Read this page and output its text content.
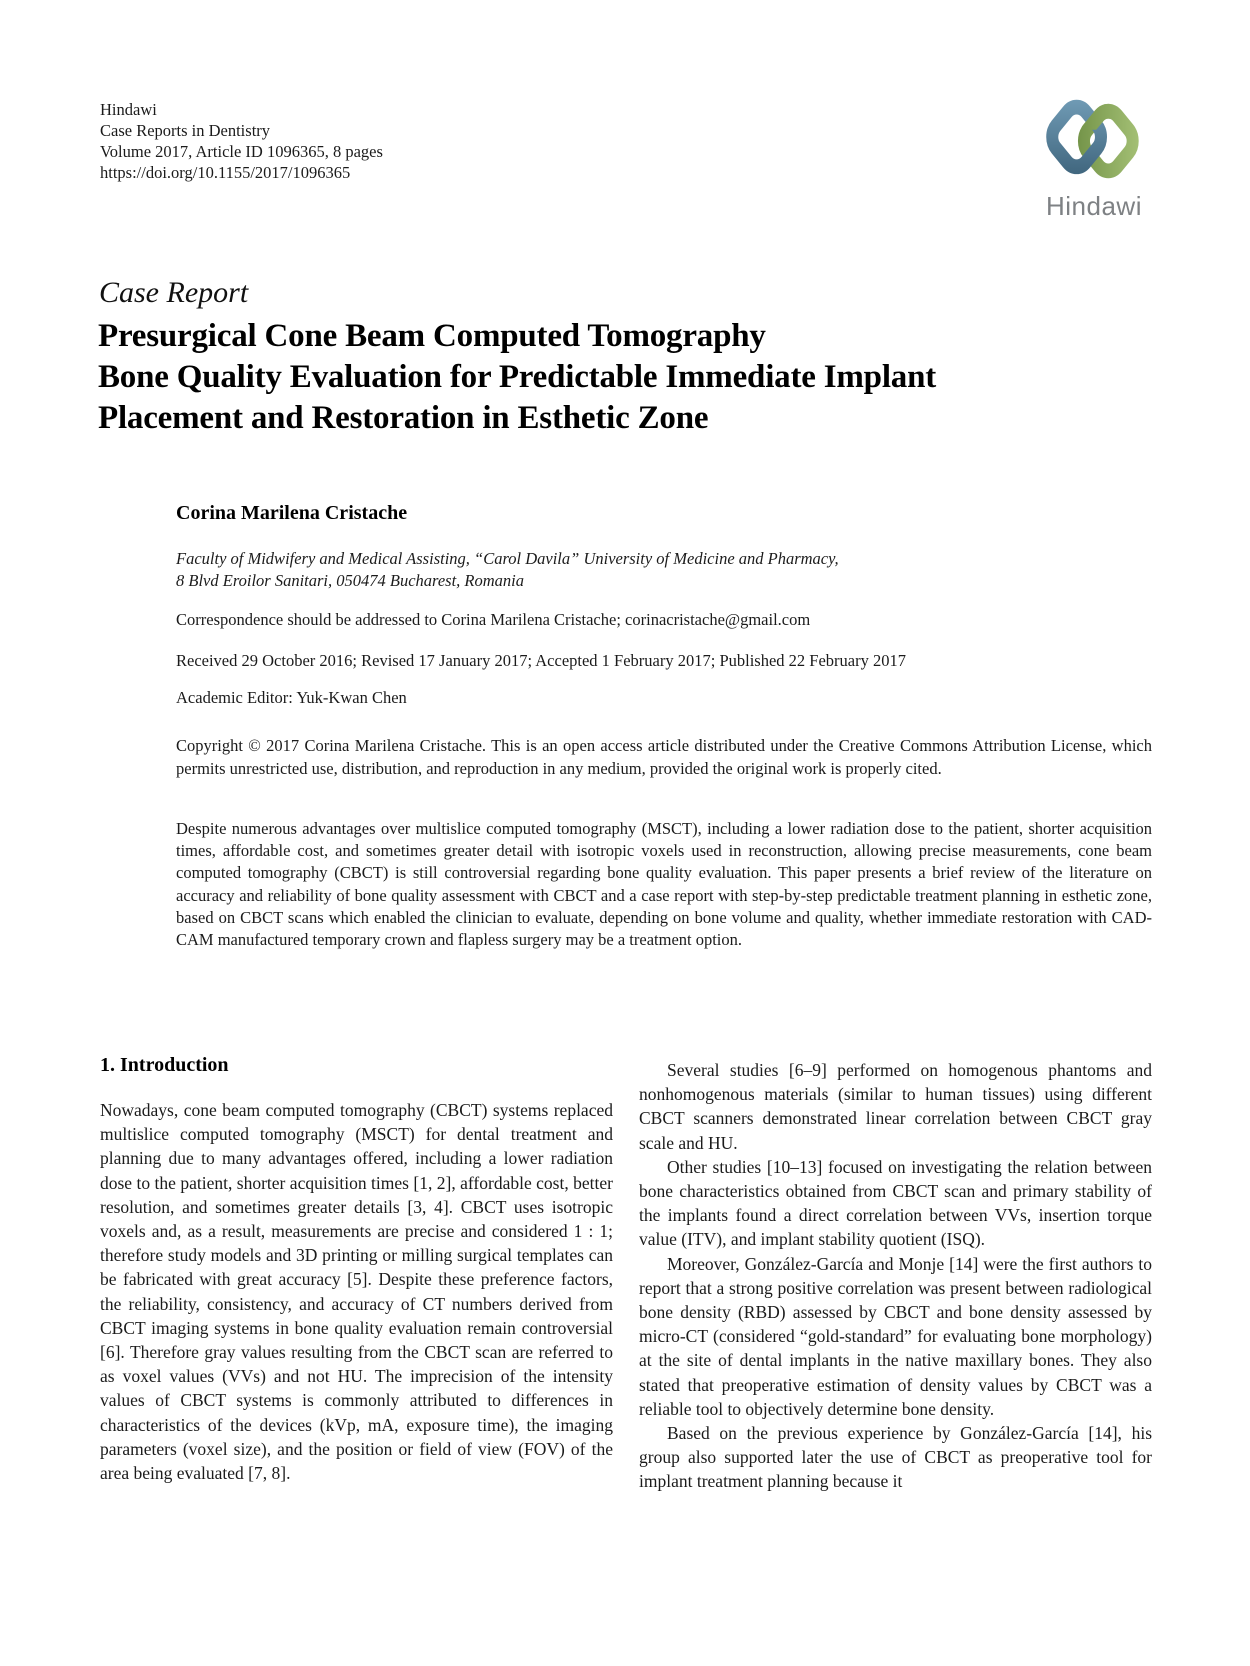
Hindawi
Case Reports in Dentistry
Volume 2017, Article ID 1096365, 8 pages
https://doi.org/10.1155/2017/1096365
Hindawi
Case Report
Presurgical Cone Beam Computed Tomography
Bone Quality Evaluation for Predictable Immediate Implant
Placement and Restoration in Esthetic Zone
Corina Marilena Cristache
Faculty of Midwifery and Medical Assisting, “Carol Davila” University of Medicine and Pharmacy,
8 Blvd Eroilor Sanitari, 050474 Bucharest, Romania
Correspondence should be addressed to Corina Marilena Cristache; corinacristache@gmail.com
Received 29 October 2016; Revised 17 January 2017; Accepted 1 February 2017; Published 22 February 2017
Academic Editor: Yuk-Kwan Chen
Copyright © 2017 Corina Marilena Cristache. This is an open access article distributed under the Creative Commons Attribution License, which permits unrestricted use, distribution, and reproduction in any medium, provided the original work is properly cited.
Despite numerous advantages over multislice computed tomography (MSCT), including a lower radiation dose to the patient, shorter acquisition times, affordable cost, and sometimes greater detail with isotropic voxels used in reconstruction, allowing precise measurements, cone beam computed tomography (CBCT) is still controversial regarding bone quality evaluation. This paper presents a brief review of the literature on accuracy and reliability of bone quality assessment with CBCT and a case report with step-by-step predictable treatment planning in esthetic zone, based on CBCT scans which enabled the clinician to evaluate, depending on bone volume and quality, whether immediate restoration with CAD-CAM manufactured temporary crown and flapless surgery may be a treatment option.
1. Introduction

Nowadays, cone beam computed tomography (CBCT) systems replaced multislice computed tomography (MSCT) for dental treatment and planning due to many advantages offered, including a lower radiation dose to the patient, shorter acquisition times [1, 2], affordable cost, better resolution, and sometimes greater details [3, 4]. CBCT uses isotropic voxels and, as a result, measurements are precise and considered 1 : 1; therefore study models and 3D printing or milling surgical templates can be fabricated with great accuracy [5]. Despite these preference factors, the reliability, consistency, and accuracy of CT numbers derived from CBCT imaging systems in bone quality evaluation remain controversial [6]. Therefore gray values resulting from the CBCT scan are referred to as voxel values (VVs) and not HU. The imprecision of the intensity values of CBCT systems is commonly attributed to differences in characteristics of the devices (kVp, mA, exposure time), the imaging parameters (voxel size), and the position or field of view (FOV) of the area being evaluated [7, 8].

Several studies [6–9] performed on homogenous phantoms and nonhomogenous materials (similar to human tissues) using different CBCT scanners demonstrated linear correlation between CBCT gray scale and HU.

Other studies [10–13] focused on investigating the relation between bone characteristics obtained from CBCT scan and primary stability of the implants found a direct correlation between VVs, insertion torque value (ITV), and implant stability quotient (ISQ).

Moreover, González-García and Monje [14] were the first authors to report that a strong positive correlation was present between radiological bone density (RBD) assessed by CBCT and bone density assessed by micro-CT (considered “gold-standard” for evaluating bone morphology) at the site of dental implants in the native maxillary bones. They also stated that preoperative estimation of density values by CBCT was a reliable tool to objectively determine bone density.

Based on the previous experience by González-García [14], his group also supported later the use of CBCT as preoperative tool for implant treatment planning because it
